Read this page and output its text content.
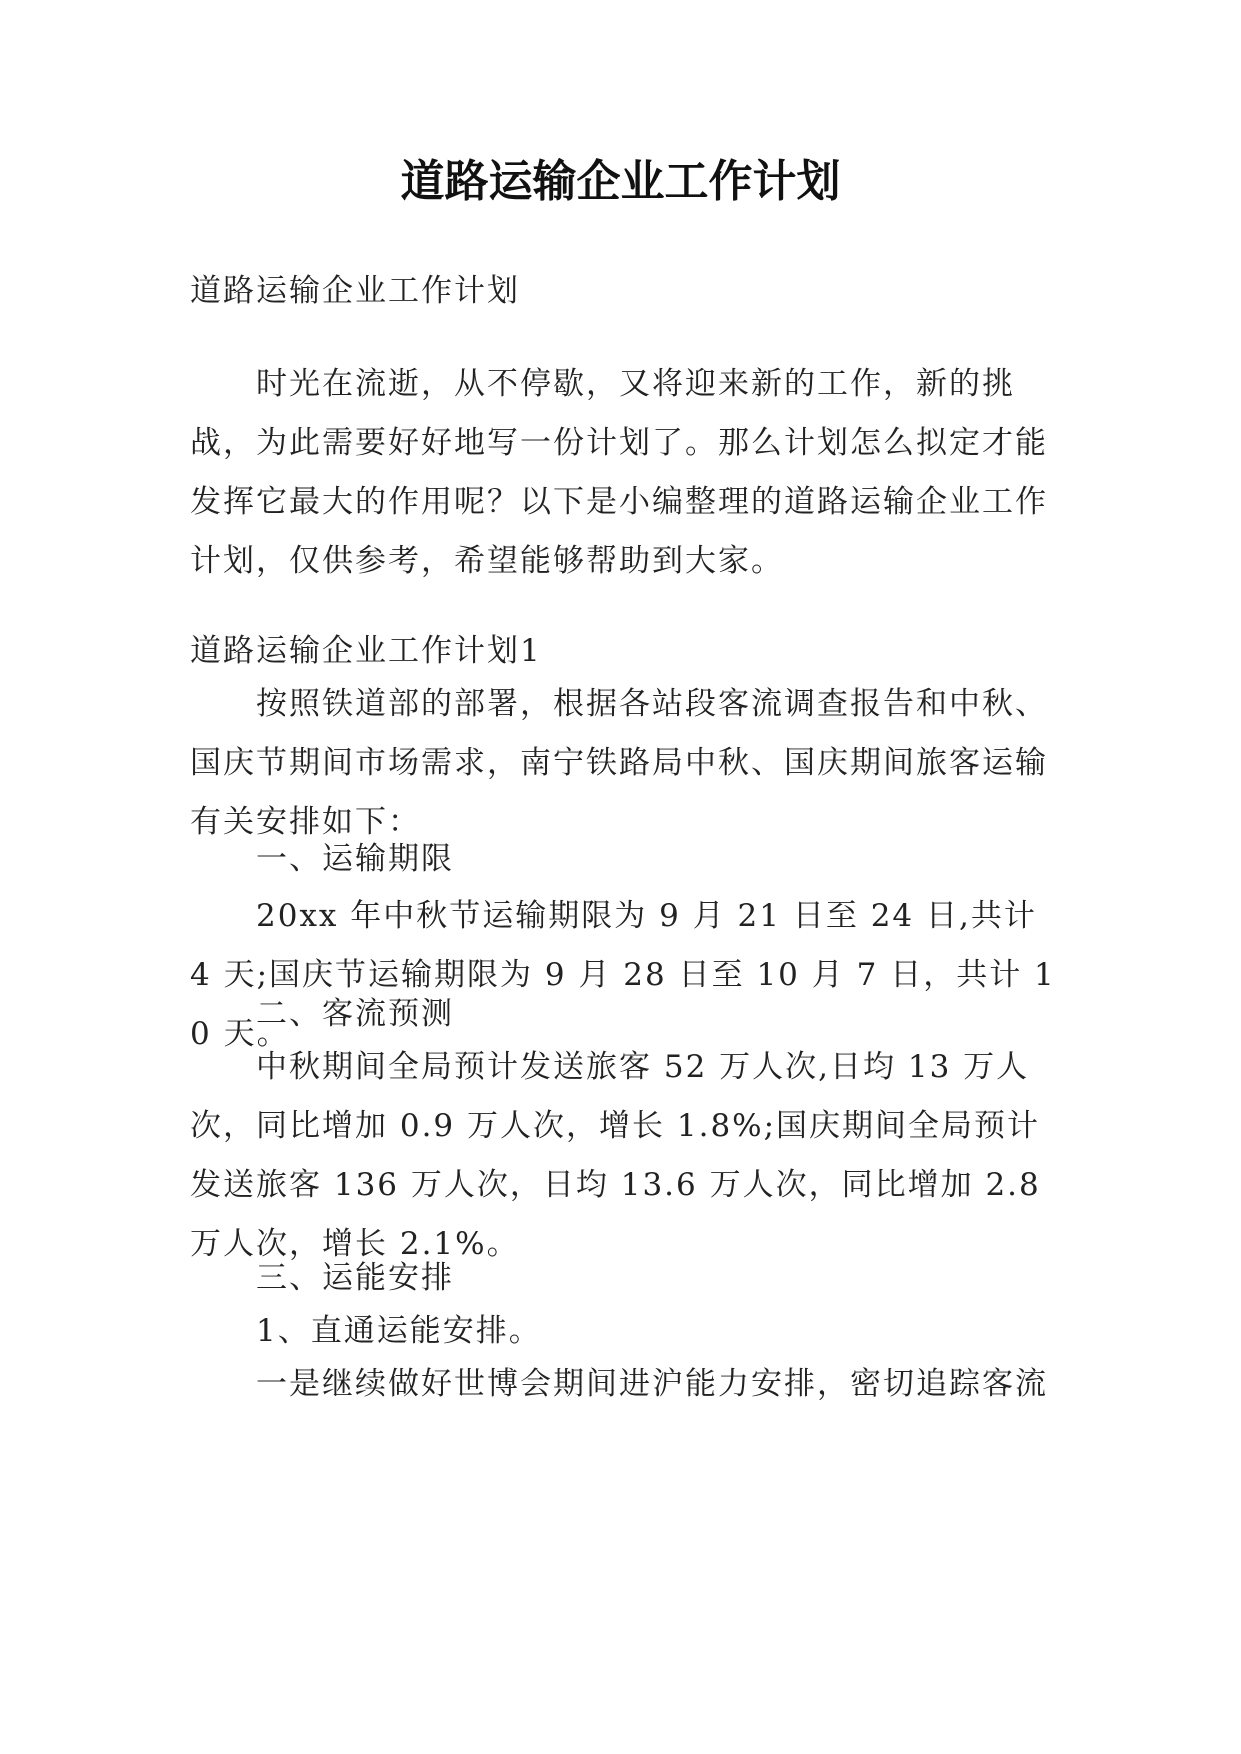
道路运输企业工作计划

道路运输企业工作计划

时光在流逝，从不停歇，又将迎来新的工作，新的挑战，为此需要好好地写一份计划了。那么计划怎么拟定才能发挥它最大的作用呢？以下是小编整理的道路运输企业工作计划，仅供参考，希望能够帮助到大家。

道路运输企业工作计划1

按照铁道部的部署，根据各站段客流调查报告和中秋、国庆节期间市场需求，南宁铁路局中秋、国庆期间旅客运输有关安排如下：

一、运输期限

20xx 年中秋节运输期限为 9 月 21 日至 24 日,共计 4 天;国庆节运输期限为 9 月 28 日至 10 月 7 日，共计 10 天。

二、客流预测

中秋期间全局预计发送旅客 52 万人次,日均 13 万人次，同比增加 0.9 万人次，增长 1.8%;国庆期间全局预计发送旅客 136 万人次，日均 13.6 万人次，同比增加 2.8 万人次，增长 2.1%。

三、运能安排

1、直通运能安排。

一是继续做好世博会期间进沪能力安排，密切追踪客流
